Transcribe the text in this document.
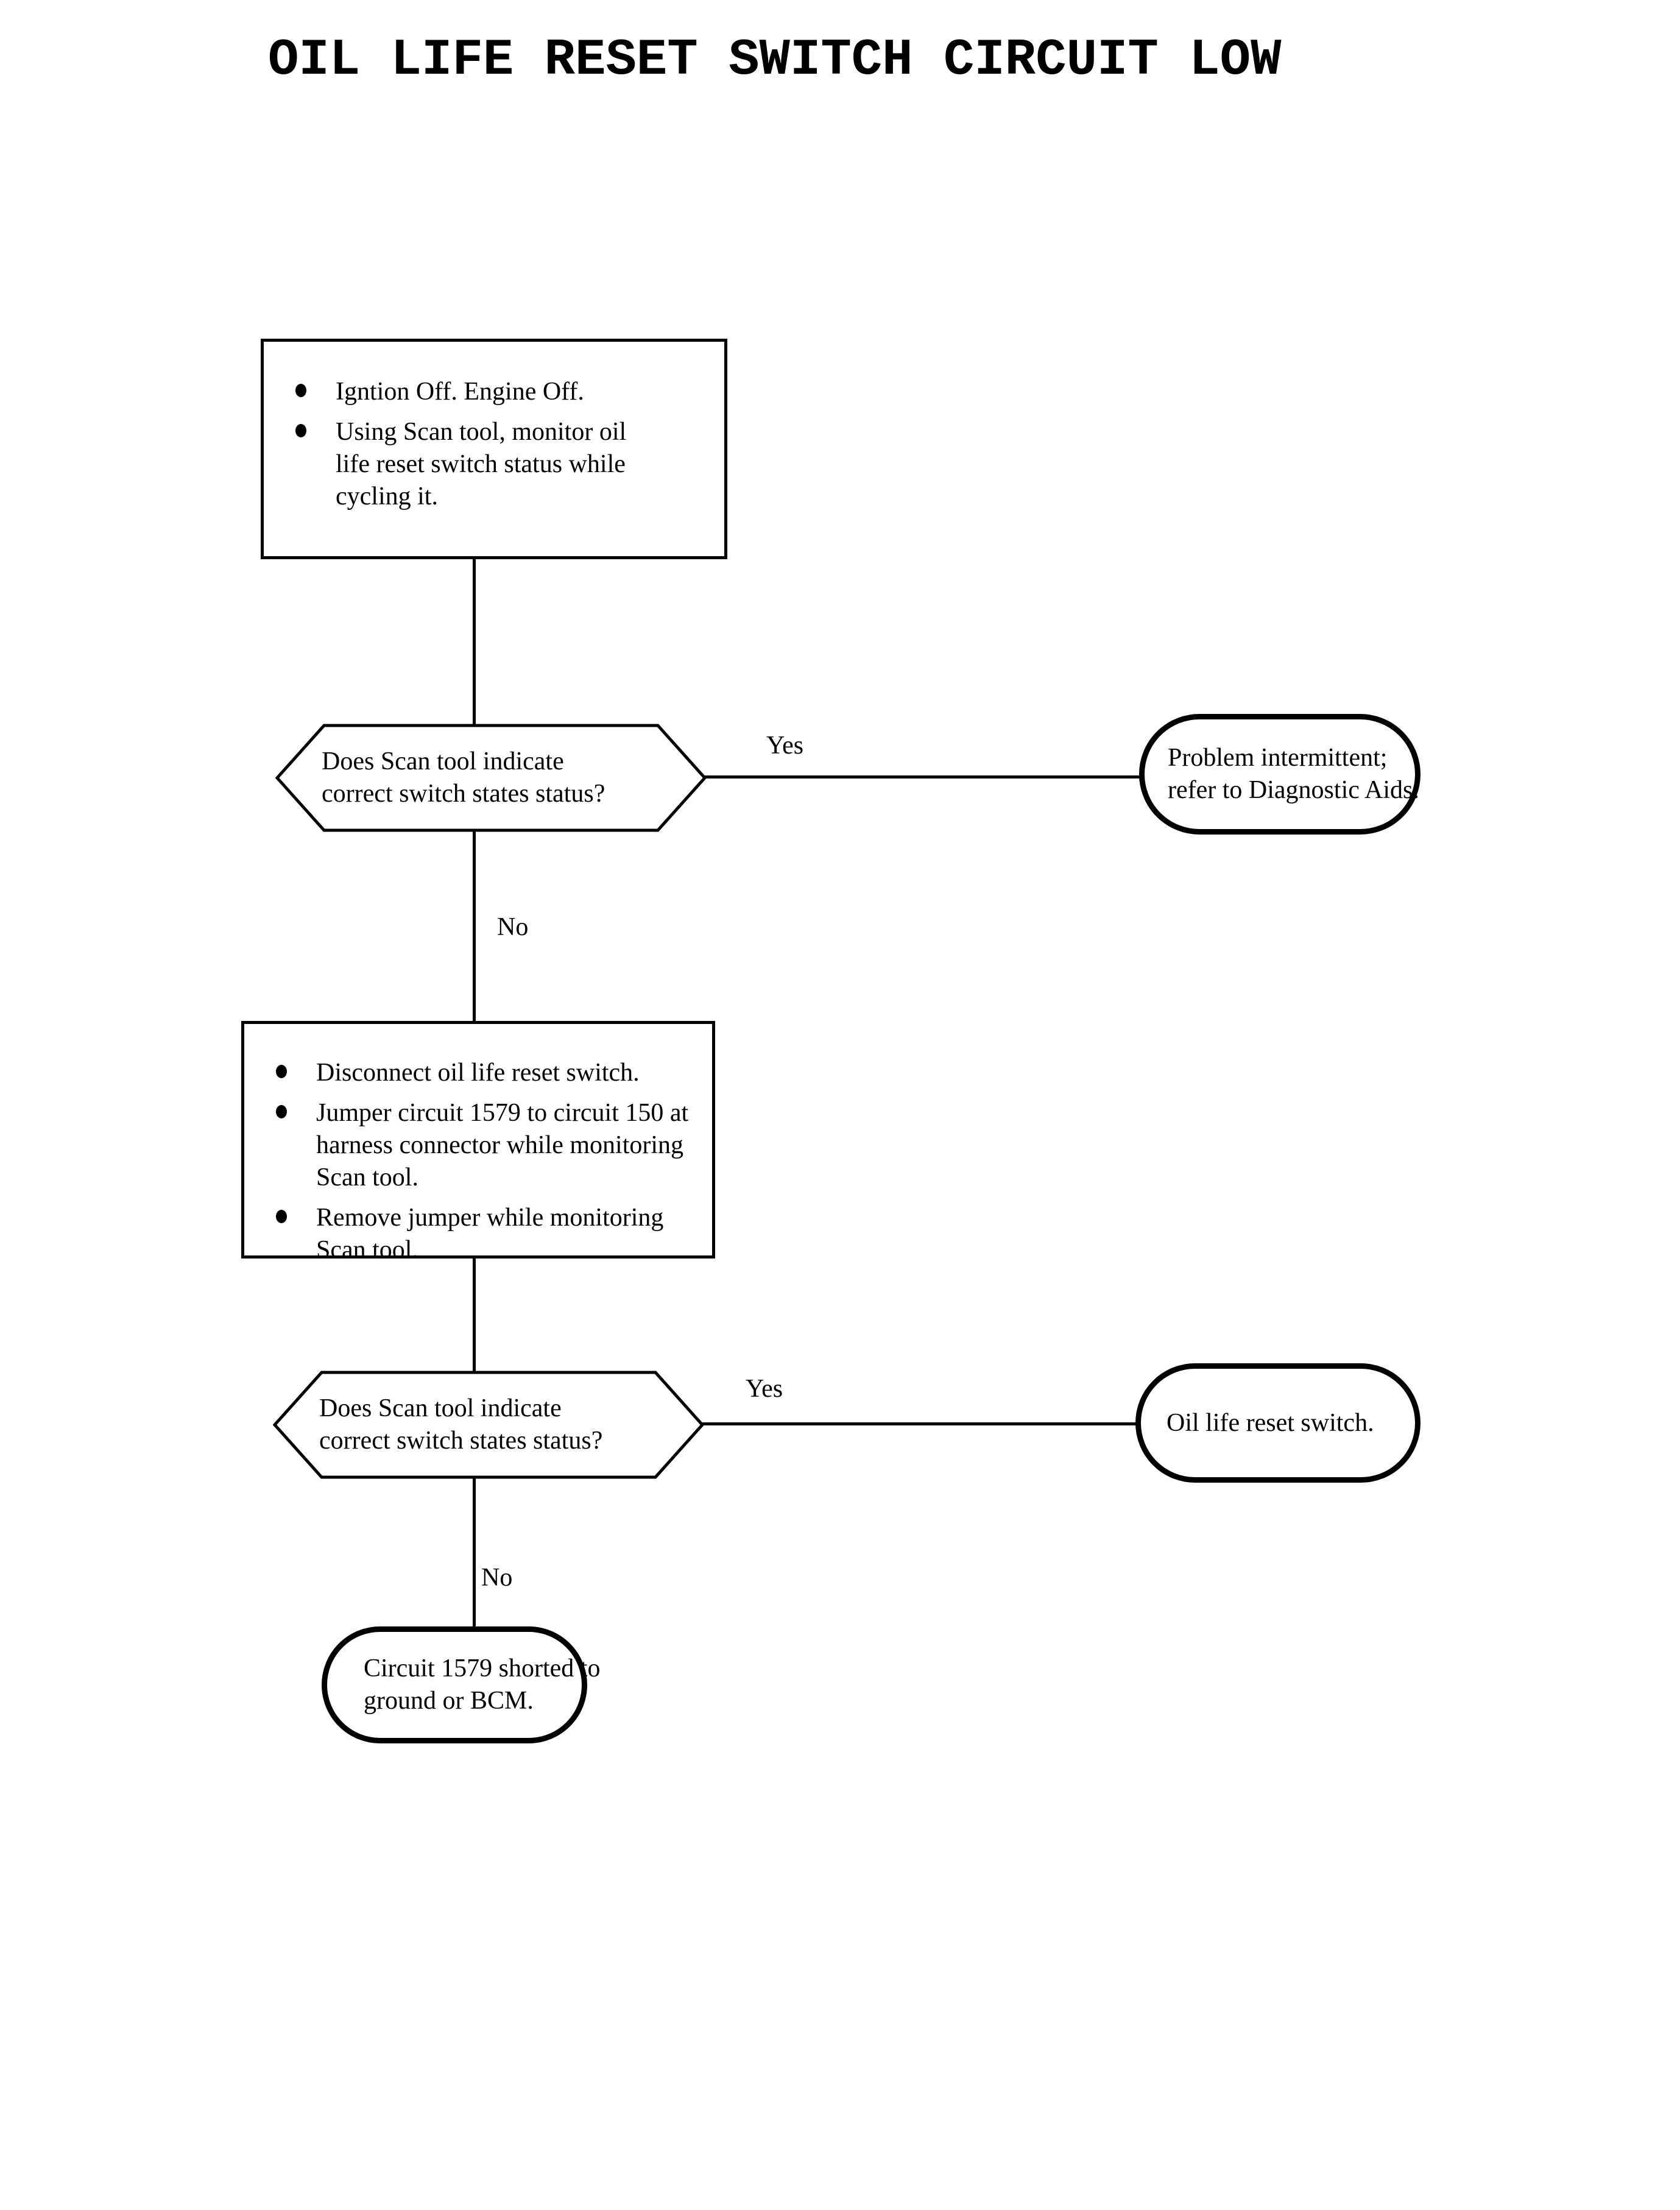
OIL LIFE RESET SWITCH CIRCUIT LOW
Igntion Off. Engine Off.
Using Scan tool, monitor oil
life reset switch status while
cycling it.
Does Scan tool indicate
correct switch states status?
Yes
No
Problem intermittent;
refer to Diagnostic Aids.
Disconnect oil life reset switch.
Jumper circuit 1579 to circuit 150 at
harness connector while monitoring
Scan tool.
Remove jumper while monitoring
Scan tool.
Does Scan tool indicate
correct switch states status?
Yes
No
Oil life reset switch.
Circuit 1579 shorted to
ground or BCM.
